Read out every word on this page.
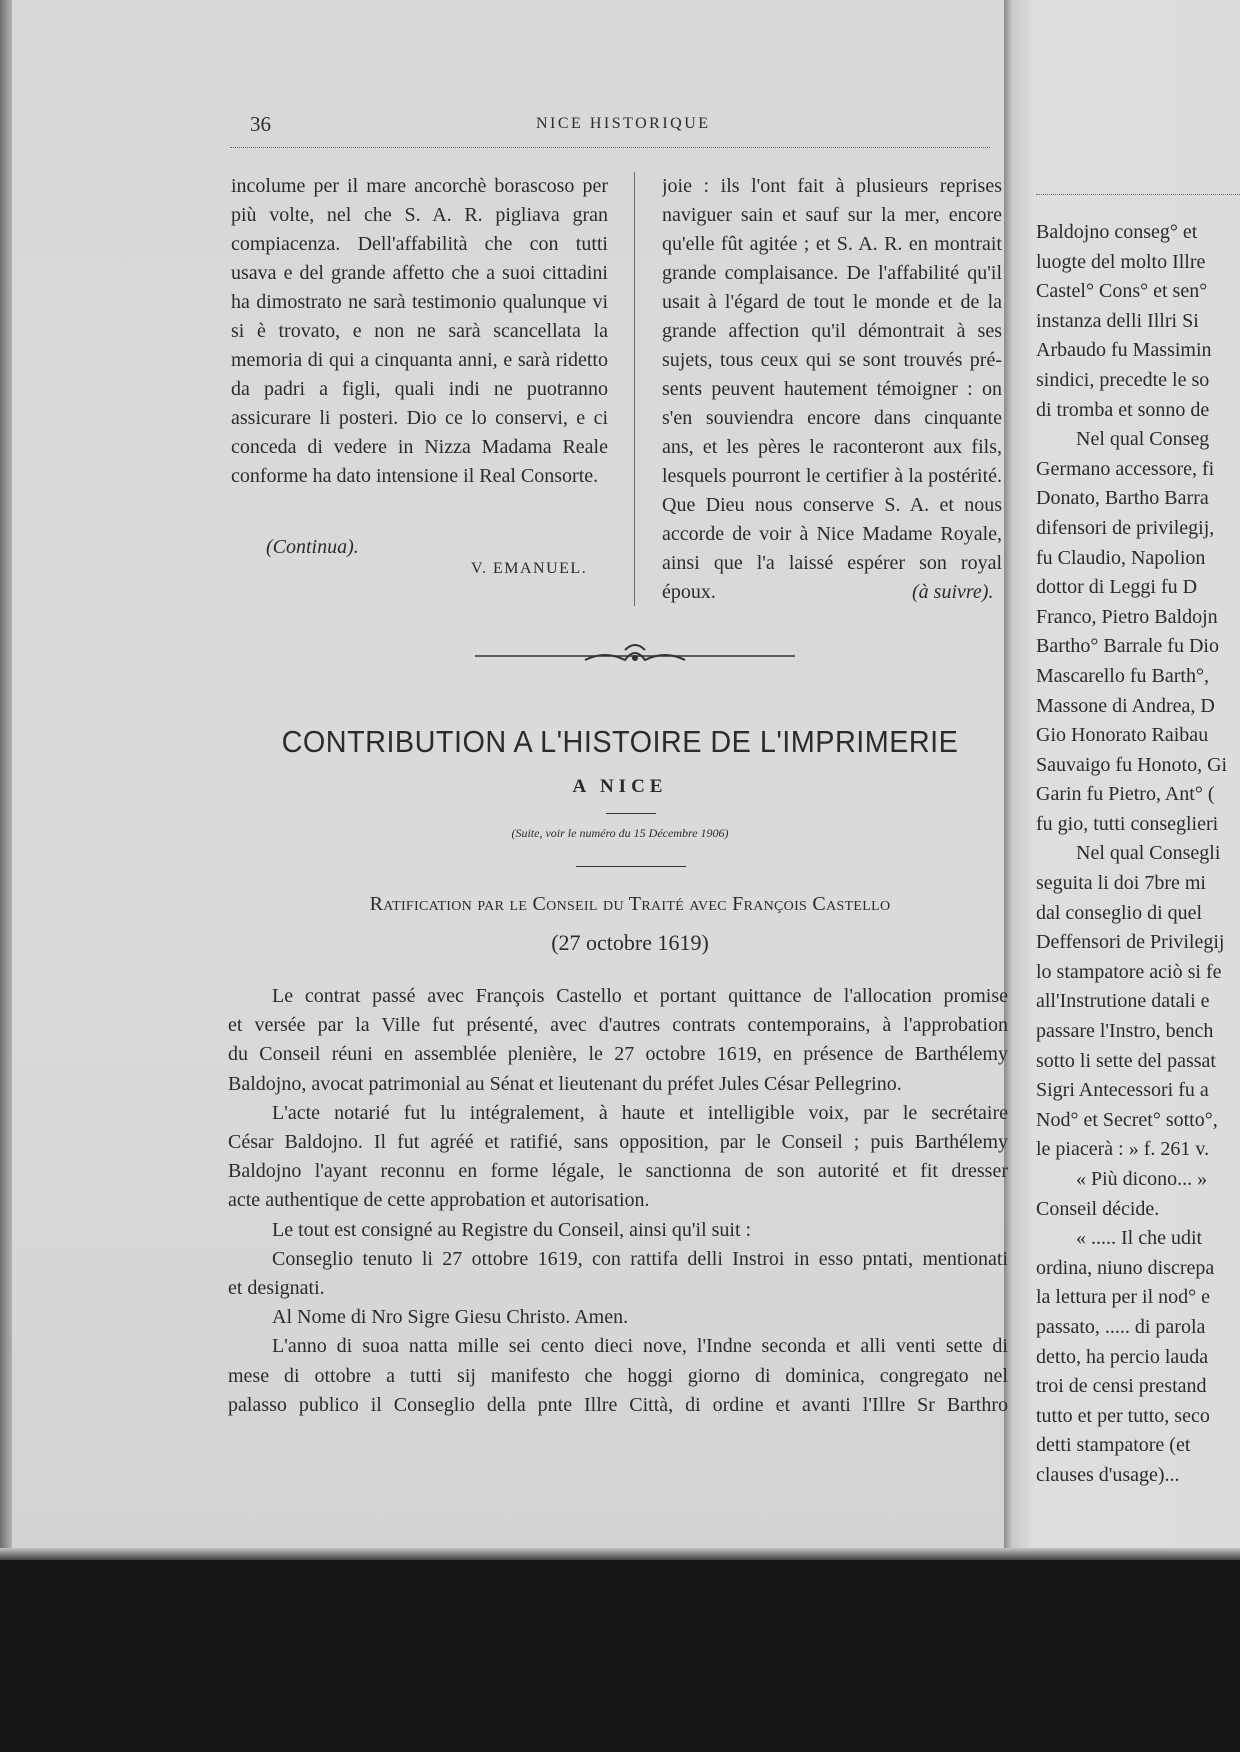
Baldojno conseg° et

luogte del molto Illre

Castel° Cons° et sen°

instanza delli Illri Si

Arbaudo fu Massimin

sindici, precedte le so

di tromba et sonno de

Nel qual Conseg

Germano accessore, fi

Donato, Bartho Barra

difensori de privilegij,

fu Claudio, Napolion

dottor di Leggi fu D

Franco, Pietro Baldojn

Bartho° Barrale fu Dio

Mascarello fu Barth°,

Massone di Andrea, D

Gio Honorato Raibau

Sauvaigo fu Honoto, Gi

Garin fu Pietro, Ant° (

fu gio, tutti conseglieri

Nel qual Consegli

seguita li doi 7bre mi

dal conseglio di quel

Deffensori de Privilegij

lo stampatore aciò si fe

all'Instrutione datali e

passare l'Instro, bench

sotto li sette del passat

Sigri Antecessori fu a

Nod° et Secret° sotto°,

le piacerà : » f. 261 v.

« Più dicono... »

Conseil décide.

« ..... Il che udit

ordina, niuno discrepa

la lettura per il nod° e

passato, ..... di parola

detto, ha percio lauda

troi de censi prestand

tutto et per tutto, seco

detti stampatore (et

clauses d'usage)...

36	NICE HISTORIQUE

incolume per il mare ancorchè borascoso per più volte, nel che S. A. R. pigliava gran compiacenza. Dell'affabilità che con tutti usava e del grande affetto che a suoi cittadini ha dimostrato ne sarà testimonio qualunque vi si è trovato, e non ne sarà scancellata la memoria di qui a cinquanta anni, e sarà ridetto da padri a figli, quali indi ne puotranno assicurare li posteri. Dio ce lo conservi, e ci conceda di vedere in Nizza Madama Reale conforme ha dato intensione il Real Consorte.

(Continua).
V. EMANUEL.

joie : ils l'ont fait à plusieurs reprises

naviguer sain et sauf sur la mer, encore

qu'elle fût agitée ; et S. A. R. en montrait

grande complaisance. De l'affabilité qu'il

usait à l'égard de tout le monde et de la

grande affection qu'il démontrait à ses

sujets, tous ceux qui se sont trouvés pré-

sents peuvent hautement témoigner : on

s'en souviendra encore dans cinquante

ans, et les pères le raconteront aux fils,

lesquels pourront le certifier à la postérité.

Que Dieu nous conserve S. A. et nous

accorde de voir à Nice Madame Royale,

ainsi que l'a laissé espérer son royal

époux.	(à suivre).

CONTRIBUTION A L'HISTOIRE DE L'IMPRIMERIE
A NICE
(Suite, voir le numéro du 15 Décembre 1906)
Ratification par le Conseil du Traité avec François Castello
(27 octobre 1619)

Le contrat passé avec François Castello et portant quittance de l'allocation promise

et versée par la Ville fut présenté, avec d'autres contrats contemporains, à l'approbation

du Conseil réuni en assemblée plenière, le 27 octobre 1619, en présence de Barthélemy

Baldojno, avocat patrimonial au Sénat et lieutenant du préfet Jules César Pellegrino.

L'acte notarié fut lu intégralement, à haute et intelligible voix, par le secrétaire

César Baldojno. Il fut agréé et ratifié, sans opposition, par le Conseil ; puis Barthélemy

Baldojno l'ayant reconnu en forme légale, le sanctionna de son autorité et fit dresser

acte authentique de cette approbation et autorisation.

Le tout est consigné au Registre du Conseil, ainsi qu'il suit :

Conseglio tenuto li 27 ottobre 1619, con rattifa delli Instroi in esso pntati, mentionati

et designati.

Al Nome di Nro Sigre Giesu Christo. Amen.

L'anno di suoa natta mille sei cento dieci nove, l'Indne seconda et alli venti sette di

mese di ottobre a tutti sij manifesto che hoggi giorno di dominica, congregato nel

palasso publico il Conseglio della pnte Illre Città, di ordine et avanti l'Illre Sr Barthro
